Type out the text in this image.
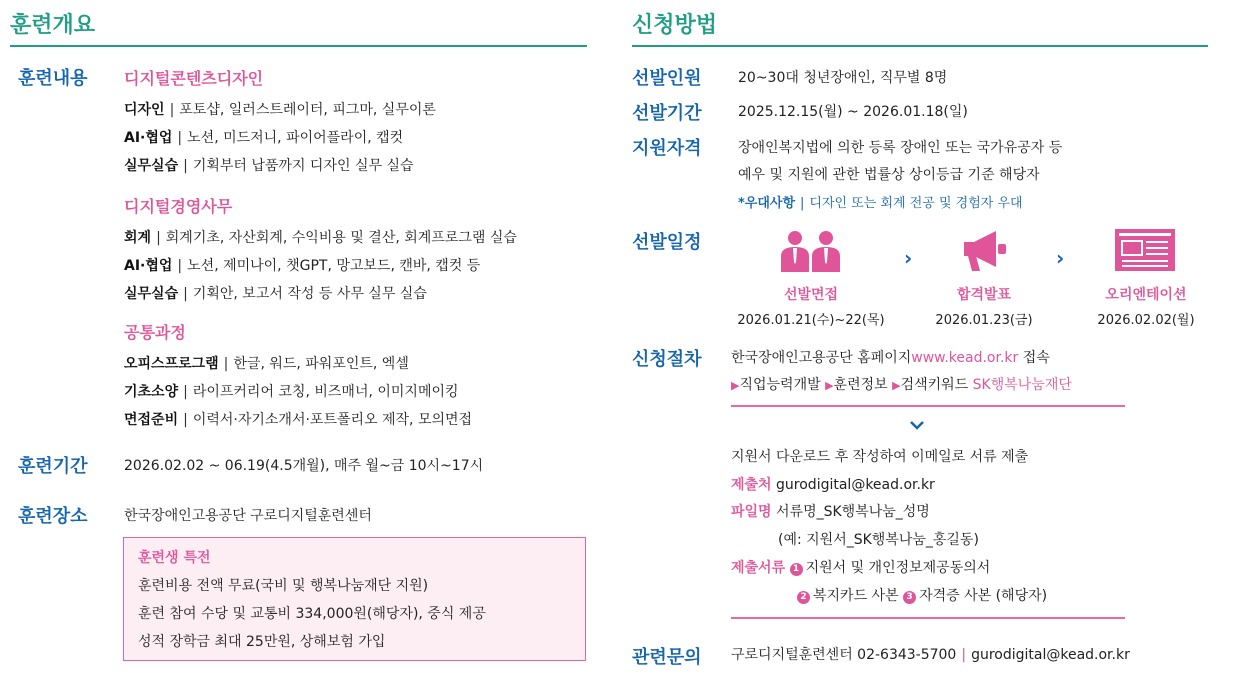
훈련개요
훈련내용 디지털콘텐츠디자인
디자인 | 포토샵, 일러스트레이터, 피그마, 실무이론
AI·협업 | 노션, 미드저니, 파이어플라이, 캡컷
실무실습 | 기획부터 납품까지 디자인 실무 실습
디지털경영사무
회계 | 회계기초, 자산회계, 수익비용 및 결산, 회계프로그램 실습
AI·협업 | 노션, 제미나이, 챗GPT, 망고보드, 캔바, 캡컷 등
실무실습 | 기획안, 보고서 작성 등 사무 실무 실습
공통과정
오피스프로그램 | 한글, 워드, 파워포인트, 엑셀
기초소양 | 라이프커리어 코칭, 비즈매너, 이미지메이킹
면접준비 | 이력서·자기소개서·포트폴리오 제작, 모의면접
훈련기간	2026.02.02 ~ 06.19(4.5개월), 매주 월~금 10시~17시
훈련장소	한국장애인고용공단 구로디지털훈련센터
훈련생 특전
훈련비용 전액 무료(국비 및 행복나눔재단 지원)
훈련 참여 수당 및 교통비 334,000원(해당자), 중식 제공
성적 장학금 최대 25만원, 상해보험 가입
신청방법
선발인원	20~30대 청년장애인, 직무별 8명
선발기간	2025.12.15(월) ~ 2026.01.18(일)
지원자격	장애인복지법에 의한 등록 장애인 또는 국가유공자 등
예우 및 지원에 관한 법률상 상이등급 기준 해당자
*우대사항 | 디자인 또는 회계 전공 및 경험자 우대
선발일정
›	›
선발면접	합격발표	오리엔테이션
2026.01.21(수)~22(목)	2026.01.23(금)	2026.02.02(월)
신청절차 한국장애인고용공단 홈페이지www.kead.or.kr 접속
▶직업능력개발 ▶훈련정보 ▶검색키워드 SK행복나눔재단
지원서 다운로드 후 작성하여 이메일로 서류 제출
제출처 gurodigital@kead.or.kr
파일명 서류명_SK행복나눔_성명
(예: 지원서_SK행복나눔_홍길동)
제출서류 1 지원서 및 개인정보제공동의서
2 복지카드 사본 3 자격증 사본 (해당자)
관련문의 구로디지털훈련센터 02-6343-5700 | gurodigital@kead.or.kr
